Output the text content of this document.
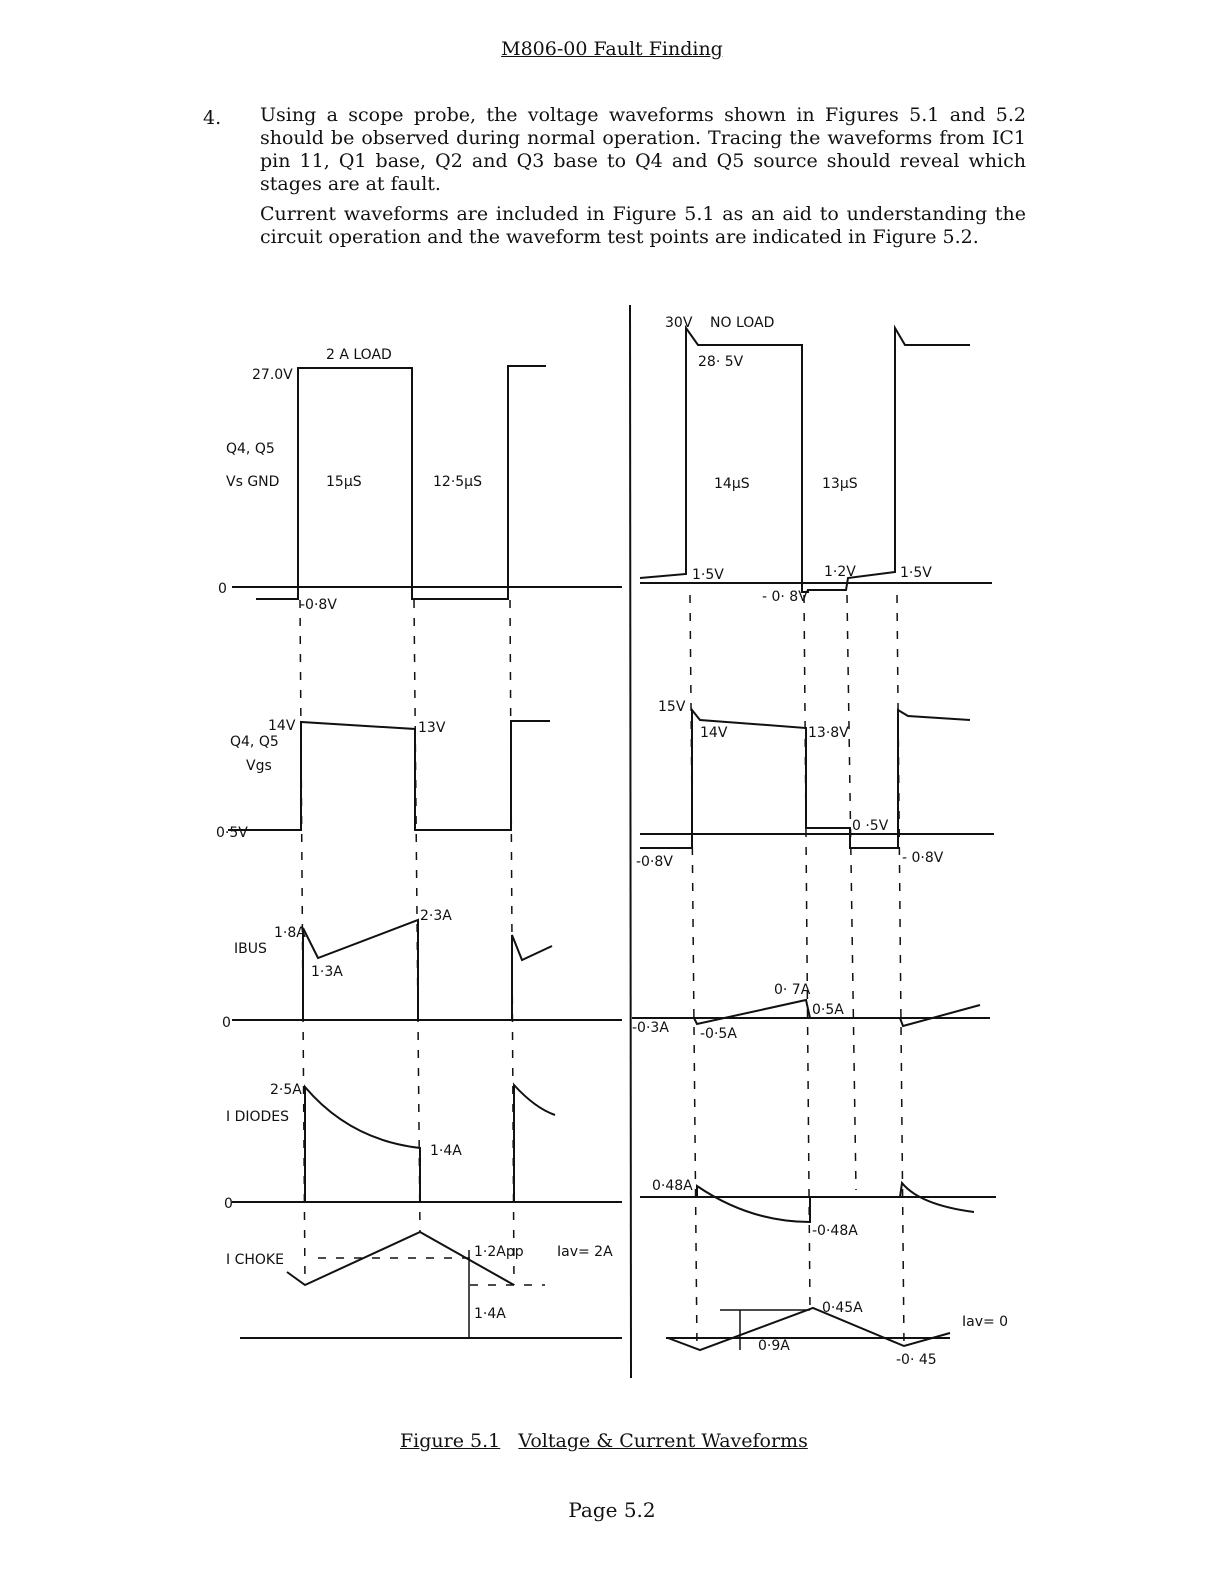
M806-00 Fault Finding
4. Using a scope probe, the voltage waveforms shown in Figures 5.1 and 5.2 should be observed during normal operation. Tracing the waveforms from IC1 pin 11, Q1 base, Q2 and Q3 base to Q4 and Q5 source should reveal which stages are at fault.
Current waveforms are included in Figure 5.1 as an aid to understanding the circuit operation and the waveform test points are indicated in Figure 5.2.
2 A LOAD
27.0V
Q4, Q5
Vs GND	15µS	12·5µS
0
-0·8V
14V	13V
Q4, Q5
Vgs
0·5V
1·8A
2·3A
IBUS
1·3A
0
2·5A
I DIODES
1·4A
0
I CHOKE	1·2App Iav= 2A
1·4A
30V NO LOAD
28· 5V
14µS	13µS
1·5V	1·2V	1·5V
- 0· 8V
15V
14V	13·8V
0 ·5V
-0·8V	- 0·8V
0· 7A
0·5A
-0·3A -0·5A
0·48A
-0·48A
0·45A
Iav= 0
0·9A
-0· 45
Figure 5.1 Voltage & Current Waveforms
Page 5.2
